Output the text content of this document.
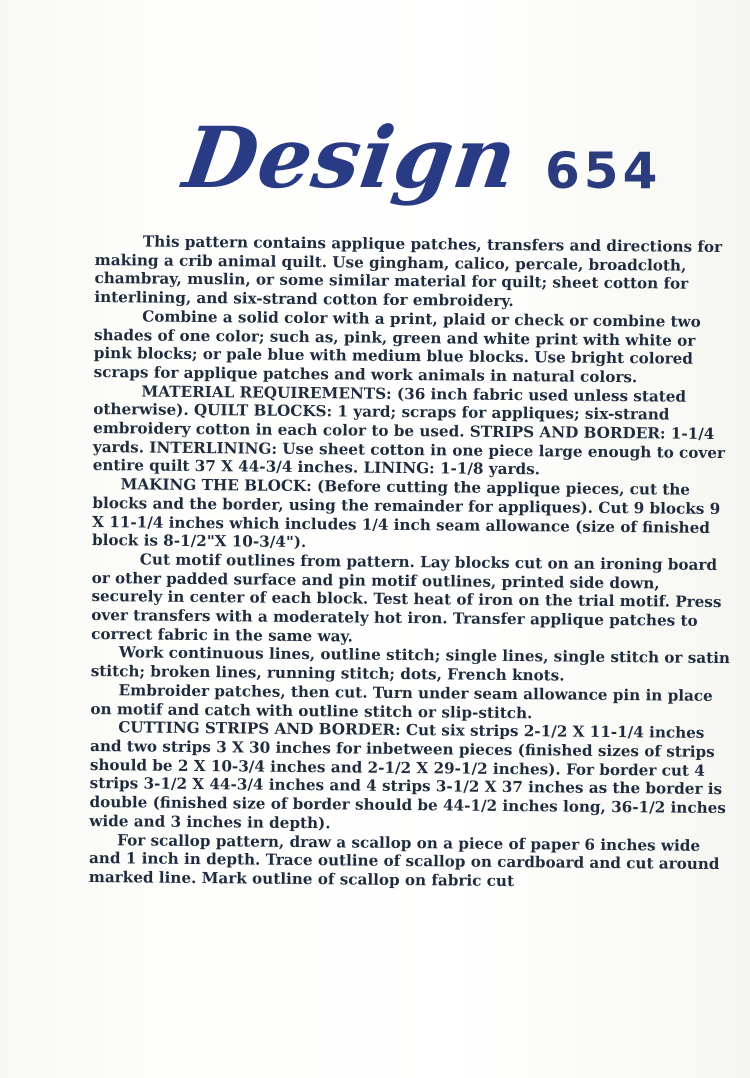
Design 654

This pattern contains applique patches, transfers and directions for making a crib animal quilt. Use gingham, calico, percale, broadcloth, chambray, muslin, or some similar material for quilt; sheet cotton for interlining, and six-strand cotton for embroidery.

Combine a solid color with a print, plaid or check or combine two shades of one color; such as, pink, green and white print with white or pink blocks; or pale blue with medium blue blocks. Use bright colored scraps for applique patches and work animals in natural colors.

MATERIAL REQUIREMENTS: (36 inch fabric used unless stated otherwise). QUILT BLOCKS: 1 yard; scraps for appliques; six-strand embroidery cotton in each color to be used. STRIPS AND BORDER: 1-1/4 yards. INTERLINING: Use sheet cotton in one piece large enough to cover entire quilt 37 X 44-3/4 inches. LINING: 1-1/8 yards.

MAKING THE BLOCK: (Before cutting the applique pieces, cut the blocks and the border, using the remainder for appliques). Cut 9 blocks 9 X 11-1/4 inches which includes 1/4 inch seam allowance (size of finished block is 8-1/2"X 10-3/4").

Cut motif outlines from pattern. Lay blocks cut on an ironing board or other padded surface and pin motif outlines, printed side down, securely in center of each block. Test heat of iron on the trial motif. Press over transfers with a moderately hot iron. Transfer applique patches to correct fabric in the same way.

Work continuous lines, outline stitch; single lines, single stitch or satin stitch; broken lines, running stitch; dots, French knots.

Embroider patches, then cut. Turn under seam allowance pin in place on motif and catch with outline stitch or slip-stitch.

CUTTING STRIPS AND BORDER: Cut six strips 2-1/2 X 11-1/4 inches and two strips 3 X 30 inches for inbetween pieces (finished sizes of strips should be 2 X 10-3/4 inches and 2-1/2 X 29-1/2 inches). For border cut 4 strips 3-1/2 X 44-3/4 inches and 4 strips 3-1/2 X 37 inches as the border is double (finished size of border should be 44-1/2 inches long, 36-1/2 inches wide and 3 inches in depth).

For scallop pattern, draw a scallop on a piece of paper 6 inches wide and 1 inch in depth. Trace outline of scallop on cardboard and cut around marked line. Mark outline of scallop on fabric cut
